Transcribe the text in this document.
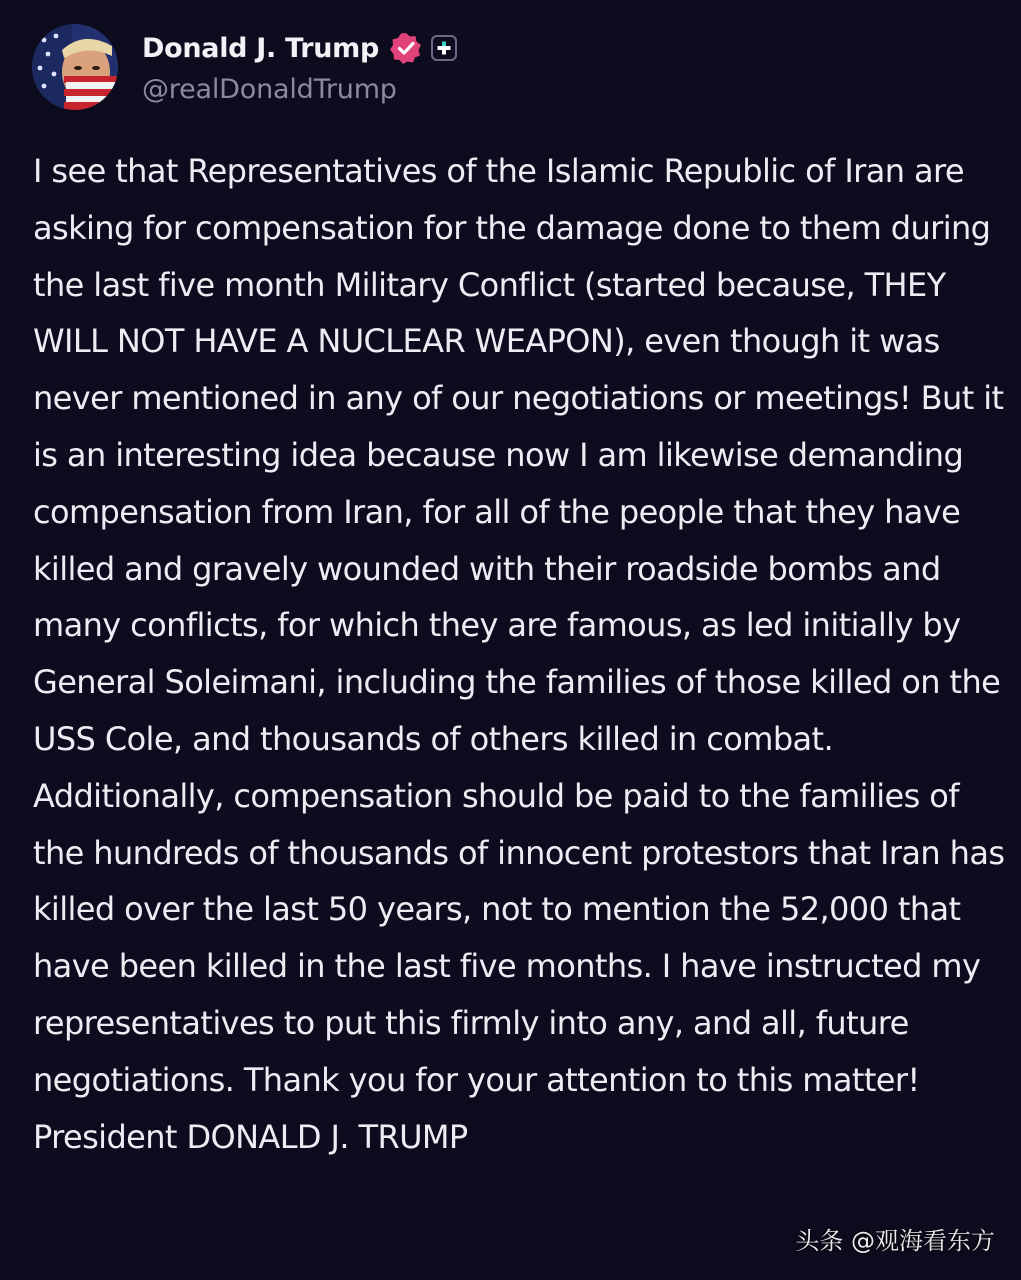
Donald J. Trump
@realDonaldTrump

I see that Representatives of the Islamic Republic of Iran are asking for compensation for the damage done to them during the last five month Military Conflict (started because, THEY WILL NOT HAVE A NUCLEAR WEAPON), even though it was never mentioned in any of our negotiations or meetings! But it is an interesting idea because now I am likewise demanding compensation from Iran, for all of the people that they have killed and gravely wounded with their roadside bombs and many conflicts, for which they are famous, as led initially by General Soleimani, including the families of those killed on the USS Cole, and thousands of others killed in combat. Additionally, compensation should be paid to the families of the hundreds of thousands of innocent protestors that Iran has killed over the last 50 years, not to mention the 52,000 that have been killed in the last five months. I have instructed my representatives to put this firmly into any, and all, future negotiations. Thank you for your attention to this matter! President DONALD J. TRUMP

头条 @观海看东方
